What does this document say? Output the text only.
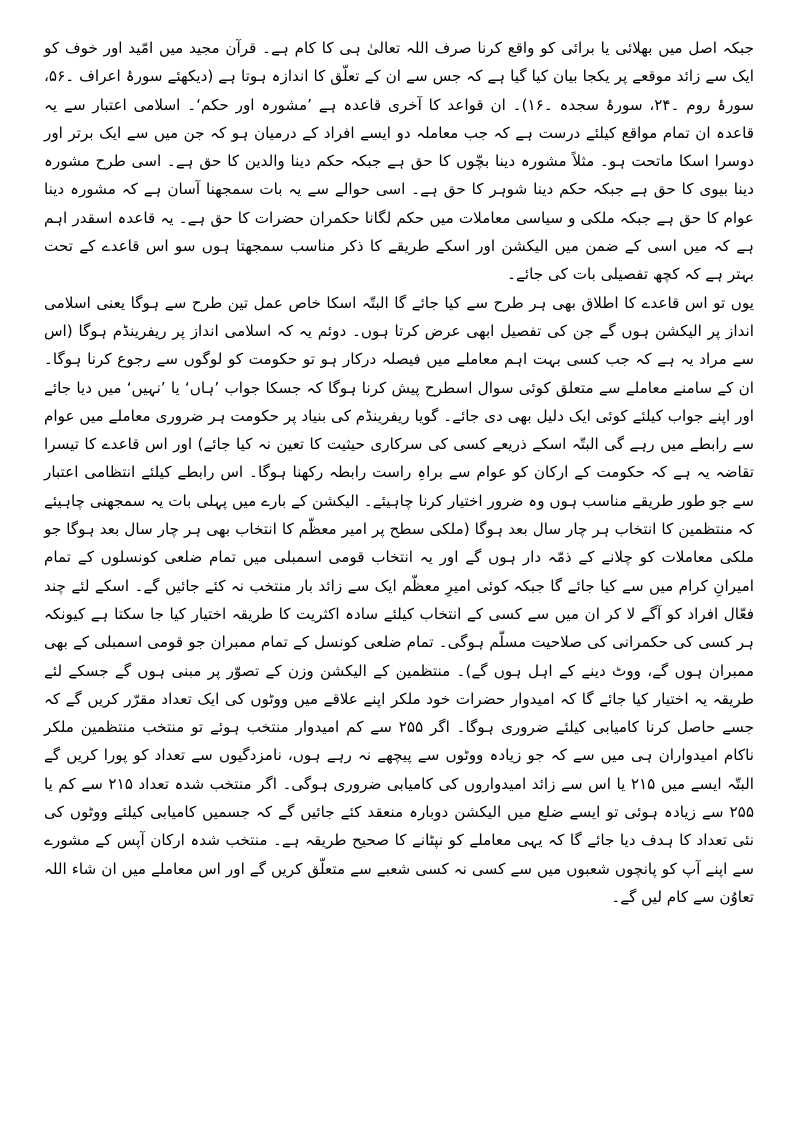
جبکہ اصل میں بھلائی یا برائی کو واقع کرنا صرف اللہ تعالیٰ ہی کا کام ہے۔ قرآن مجید میں امّید اور خوف کو ایک سے زائد موقعے پر یکجا بیان کیا گیا ہے کہ جس سے ان کے تعلّق کا اندازہ ہوتا ہے (دیکھئے سورۂ اعراف ۔۵۶، سورۂ روم ۔۲۴، سورۂ سجدہ ۔۱۶)۔ ان قواعد کا آخری قاعدہ ہے ’مشورہ اور حکم‘۔ اسلامی اعتبار سے یہ قاعدہ ان تمام مواقع کیلئے درست ہے کہ جب معاملہ دو ایسے افراد کے درمیان ہو کہ جن میں سے ایک برتر اور دوسرا اسکا ماتحت ہو۔ مثلاً مشورہ دینا بچّوں کا حق ہے جبکہ حکم دینا والدین کا حق ہے۔ اسی طرح مشورہ دینا بیوی کا حق ہے جبکہ حکم دینا شوہر کا حق ہے۔ اسی حوالے سے یہ بات سمجھنا آسان ہے کہ مشورہ دینا عوام کا حق ہے جبکہ ملکی و سیاسی معاملات میں حکم لگانا حکمران حضرات کا حق ہے۔ یہ قاعدہ اسقدر اہم ہے کہ میں اسی کے ضمن میں الیکشن اور اسکے طریقے کا ذکر مناسب سمجھتا ہوں سو اس قاعدے کے تحت بہتر ہے کہ کچھ تفصیلی بات کی جائے۔

یوں تو اس قاعدے کا اطلاق بھی ہر طرح سے کیا جائے گا البتّہ اسکا خاص عمل تین طرح سے ہوگا یعنی اسلامی انداز پر الیکشن ہوں گے جن کی تفصیل ابھی عرض کرتا ہوں۔ دوئم یہ کہ اسلامی انداز پر ریفرینڈم ہوگا (اس سے مراد یہ ہے کہ جب کسی بہت اہم معاملے میں فیصلہ درکار ہو تو حکومت کو لوگوں سے رجوع کرنا ہوگا۔ ان کے سامنے معاملے سے متعلق کوئی سوال اسطرح پیش کرنا ہوگا کہ جسکا جواب ’ہاں‘ یا ’نہیں‘ میں دیا جائے اور اپنے جواب کیلئے کوئی ایک دلیل بھی دی جائے۔ گویا ریفرینڈم کی بنیاد پر حکومت ہر ضروری معاملے میں عوام سے رابطے میں رہے گی البتّہ اسکے ذریعے کسی کی سرکاری حیثیت کا تعین نہ کیا جائے) اور اس قاعدے کا تیسرا تقاضہ یہ ہے کہ حکومت کے ارکان کو عوام سے براہِ راست رابطہ رکھنا ہوگا۔ اس رابطے کیلئے انتظامی اعتبار سے جو طور طریقے مناسب ہوں وہ ضرور اختیار کرنا چاہیئے۔ الیکشن کے بارے میں پہلی بات یہ سمجھنی چاہیئے کہ منتظمین کا انتخاب ہر چار سال بعد ہوگا (ملکی سطح پر امیر معظّم کا انتخاب بھی ہر چار سال بعد ہوگا جو ملکی معاملات کو چلانے کے ذمّہ دار ہوں گے اور یہ انتخاب قومی اسمبلی میں تمام ضلعی کونسلوں کے تمام امیرانِ کرام میں سے کیا جائے گا جبکہ کوئی امیرِ معظّم ایک سے زائد بار منتخب نہ کئے جائیں گے۔ اسکے لئے چند فعّال افراد کو آگے لا کر ان میں سے کسی کے انتخاب کیلئے سادہ اکثریت کا طریقہ اختیار کیا جا سکتا ہے کیونکہ ہر کسی کی حکمرانی کی صلاحیت مسلّم ہوگی۔ تمام ضلعی کونسل کے تمام ممبران جو قومی اسمبلی کے بھی ممبران ہوں گے، ووٹ دینے کے اہل ہوں گے)۔ منتظمین کے الیکشن وزن کے تصوّر پر مبنی ہوں گے جسکے لئے طریقہ یہ اختیار کیا جائے گا کہ امیدوار حضرات خود ملکر اپنے علاقے میں ووٹوں کی ایک تعداد مقرّر کریں گے کہ جسے حاصل کرنا کامیابی کیلئے ضروری ہوگا۔ اگر ۲۵۵ سے کم امیدوار منتخب ہوئے تو منتخب منتظمین ملکر ناکام امیدواران ہی میں سے کہ جو زیادہ ووٹوں سے پیچھے نہ رہے ہوں، نامزدگیوں سے تعداد کو پورا کریں گے البتّہ ایسے میں ۲۱۵ یا اس سے زائد امیدواروں کی کامیابی ضروری ہوگی۔ اگر منتخب شدہ تعداد ۲۱۵ سے کم یا ۲۵۵ سے زیادہ ہوئی تو ایسے ضلع میں الیکشن دوبارہ منعقد کئے جائیں گے کہ جسمیں کامیابی کیلئے ووٹوں کی نئی تعداد کا ہدف دیا جائے گا کہ یہی معاملے کو نپٹانے کا صحیح طریقہ ہے۔ منتخب شدہ ارکان آپس کے مشورے سے اپنے آپ کو پانچوں شعبوں میں سے کسی نہ کسی شعبے سے متعلّق کریں گے اور اس معاملے میں ان شاء اللہ تعاوُن سے کام لیں گے۔
